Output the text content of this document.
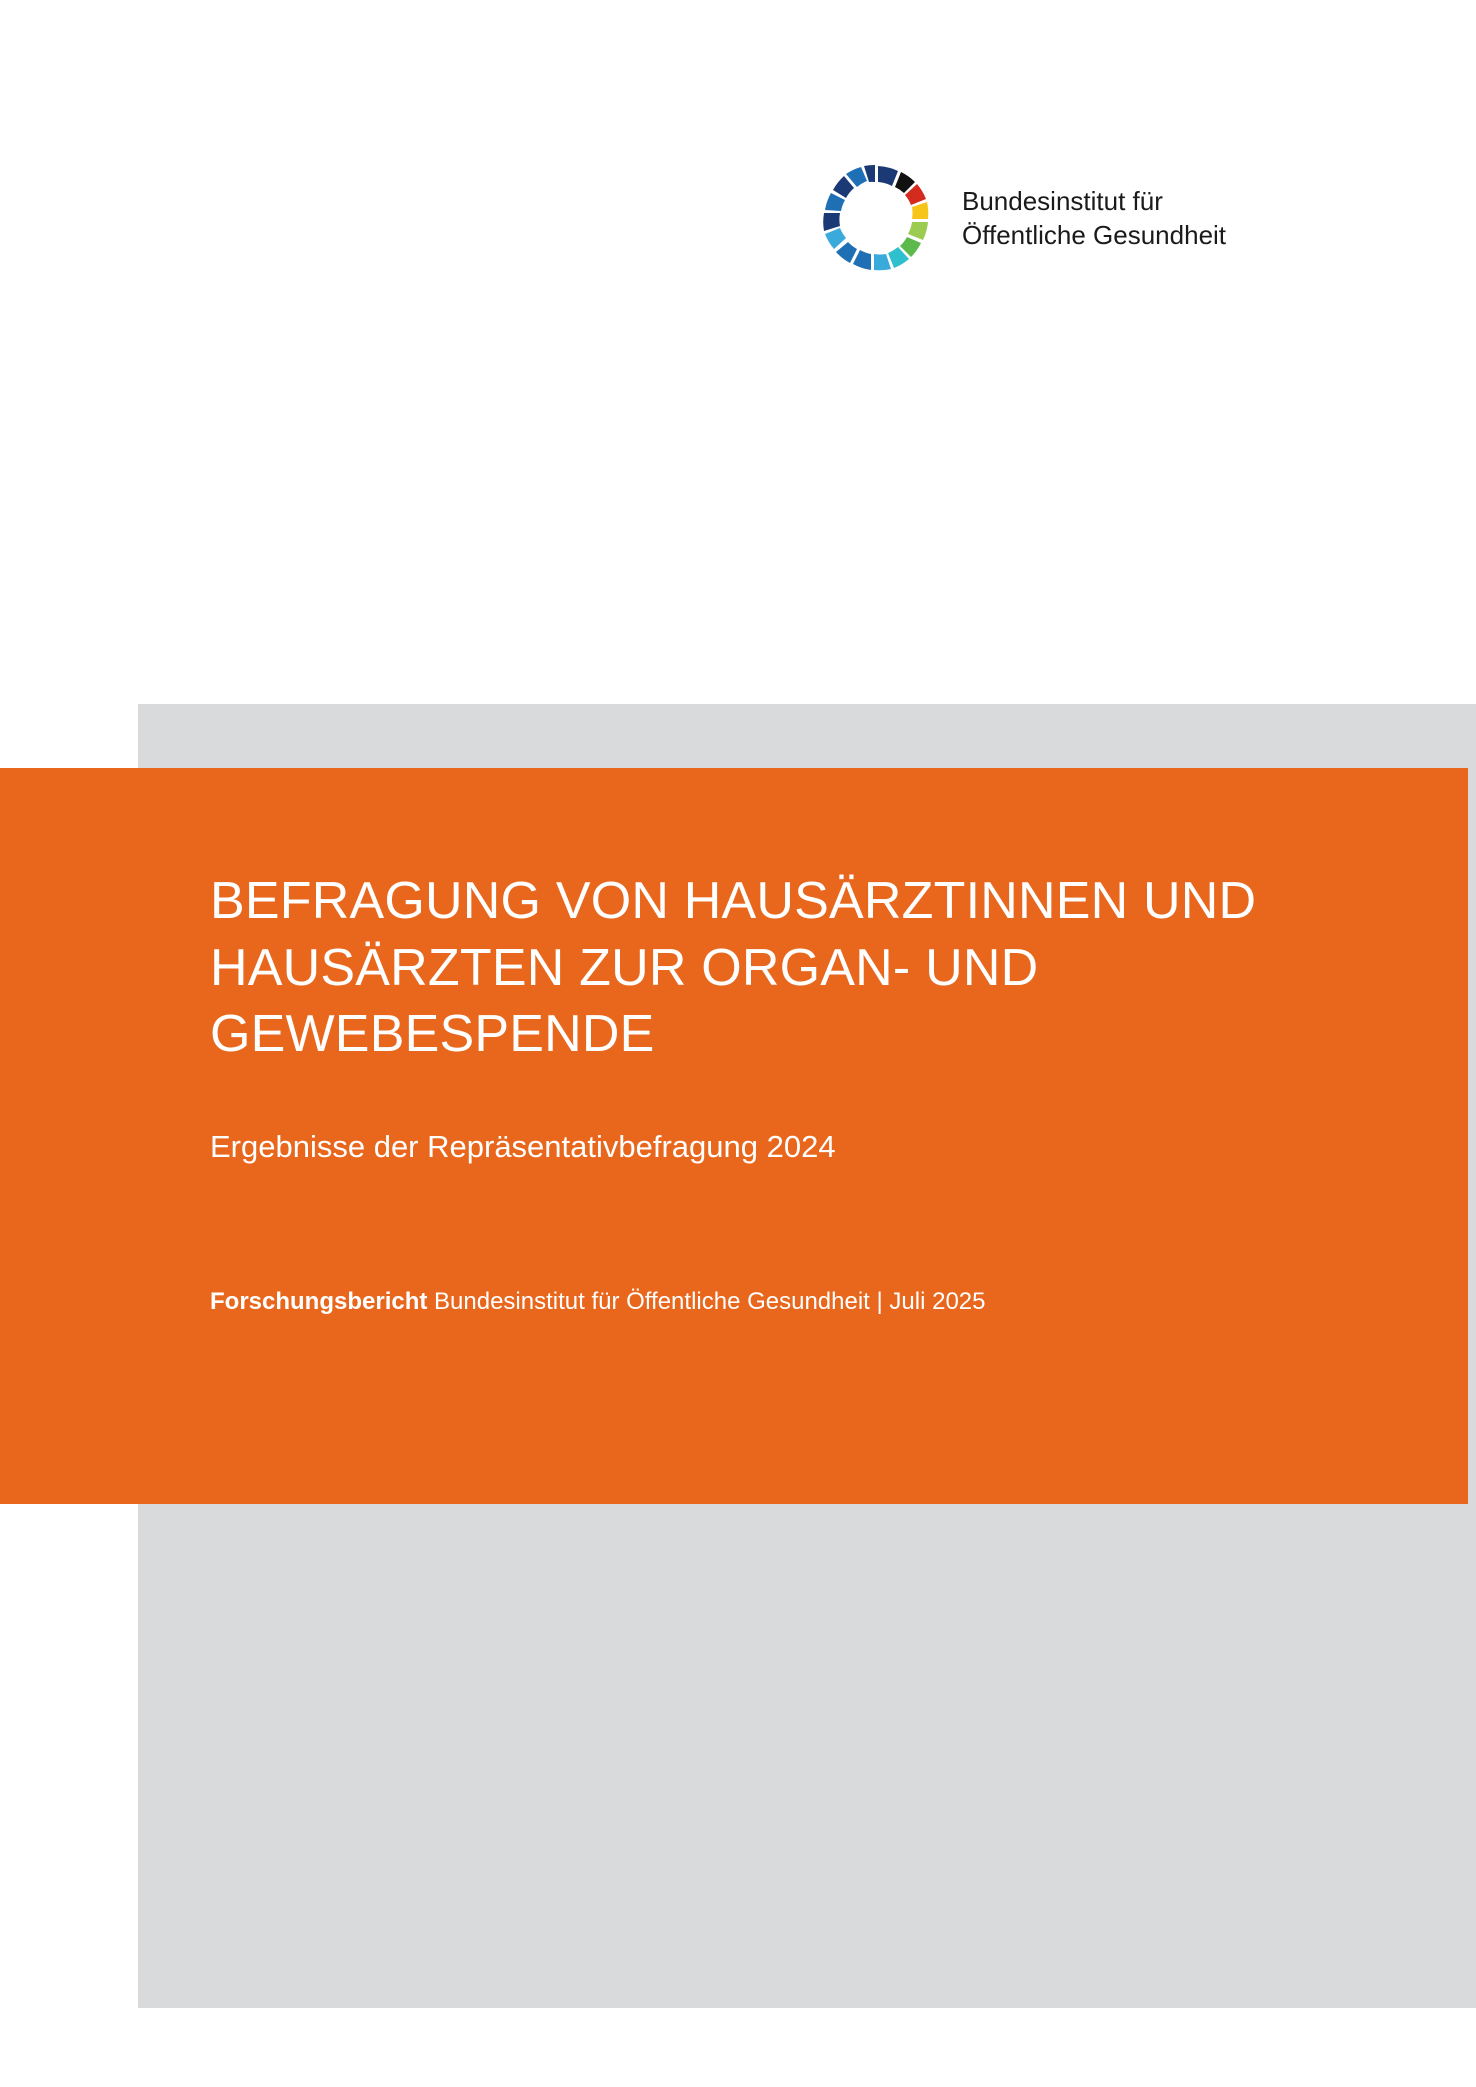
Bundesinstitut für
Öffentliche Gesundheit
BEFRAGUNG VON HAUSÄRZTINNEN UND HAUSÄRZTEN ZUR ORGAN- UND GEWEBESPENDE

Ergebnisse der Repräsentativbefragung 2024

Forschungsbericht Bundesinstitut für Öffentliche Gesundheit | Juli 2025
